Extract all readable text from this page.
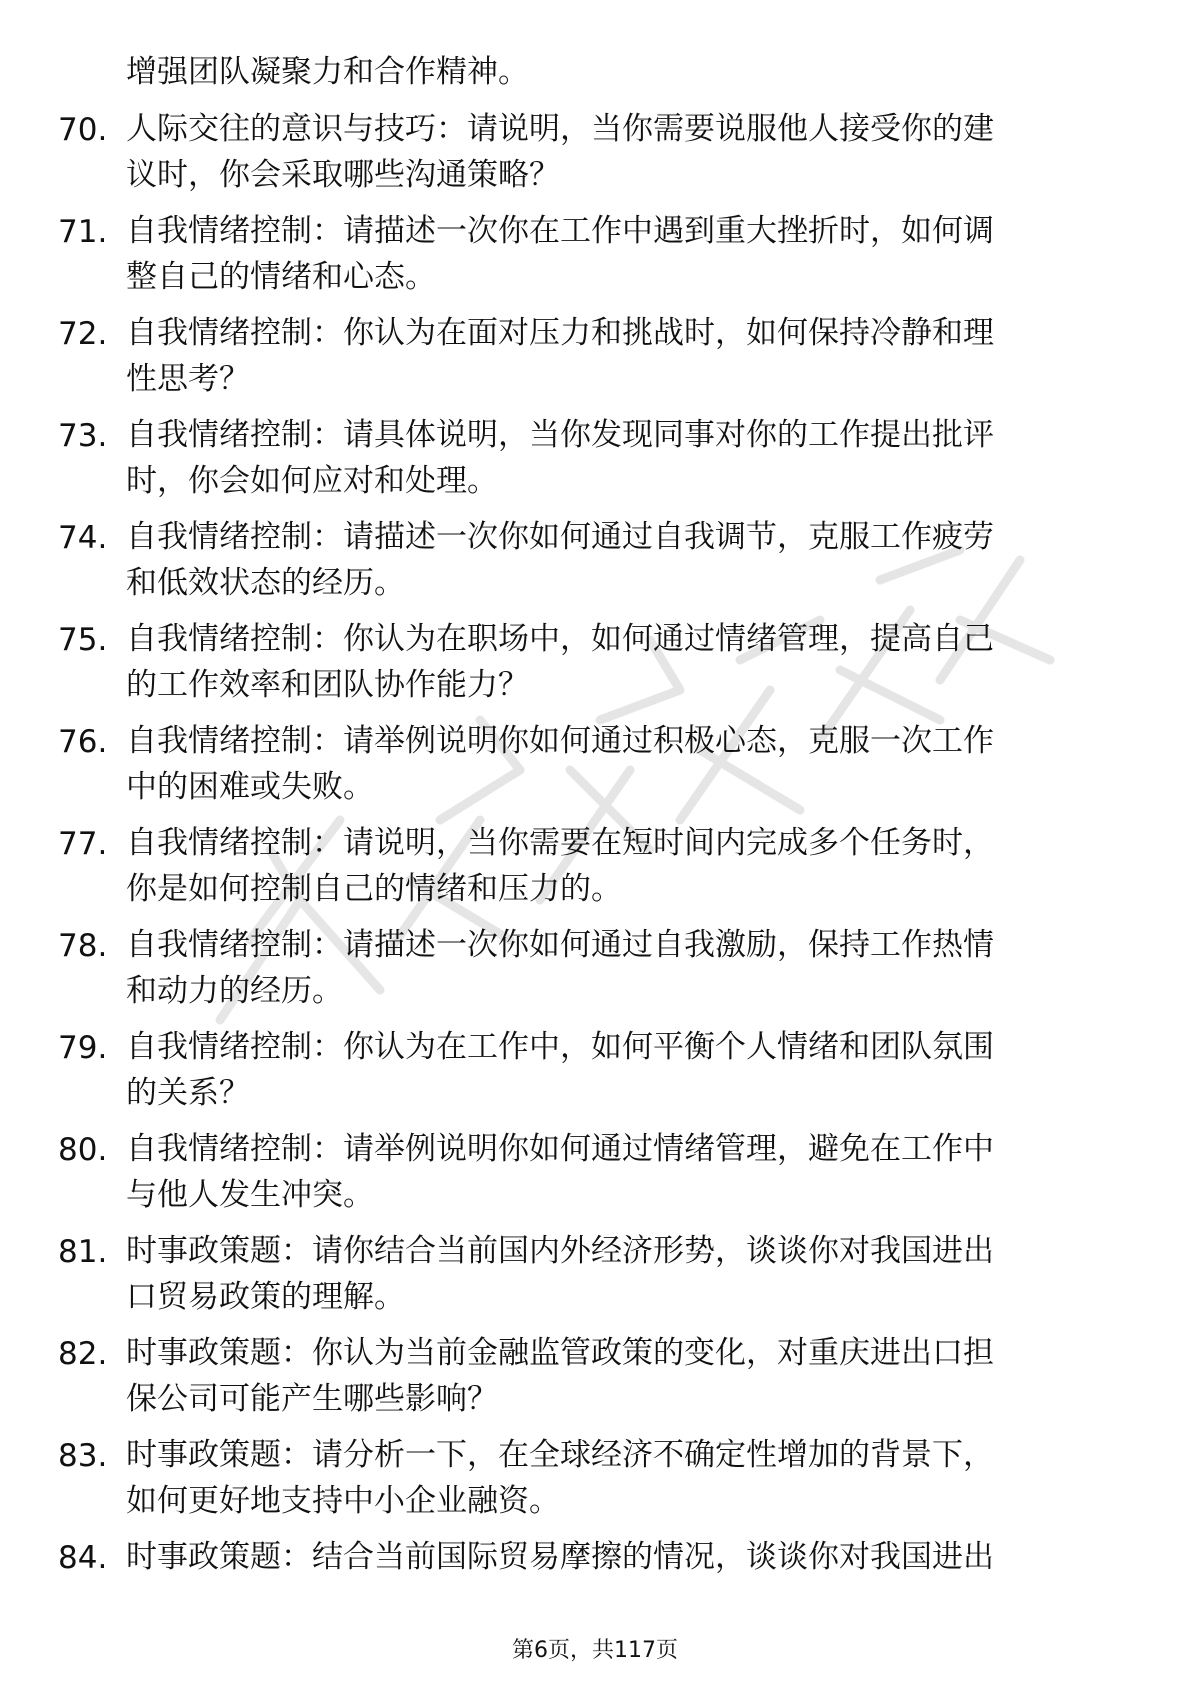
增强团队凝聚力和合作精神。

70. 人际交往的意识与技巧：请说明，当你需要说服他人接受你的建
议时，你会采取哪些沟通策略？
71. 自我情绪控制：请描述一次你在工作中遇到重大挫折时，如何调
整自己的情绪和心态。
72. 自我情绪控制：你认为在面对压力和挑战时，如何保持冷静和理
性思考？
73. 自我情绪控制：请具体说明，当你发现同事对你的工作提出批评
时，你会如何应对和处理。
74. 自我情绪控制：请描述一次你如何通过自我调节，克服工作疲劳
和低效状态的经历。
75. 自我情绪控制：你认为在职场中，如何通过情绪管理，提高自己
的工作效率和团队协作能力？
76. 自我情绪控制：请举例说明你如何通过积极心态，克服一次工作
中的困难或失败。
77. 自我情绪控制：请说明，当你需要在短时间内完成多个任务时，
你是如何控制自己的情绪和压力的。
78. 自我情绪控制：请描述一次你如何通过自我激励，保持工作热情
和动力的经历。
79. 自我情绪控制：你认为在工作中，如何平衡个人情绪和团队氛围
的关系？
80. 自我情绪控制：请举例说明你如何通过情绪管理，避免在工作中
与他人发生冲突。
81. 时事政策题：请你结合当前国内外经济形势，谈谈你对我国进出
口贸易政策的理解。
82. 时事政策题：你认为当前金融监管政策的变化，对重庆进出口担
保公司可能产生哪些影响？
83. 时事政策题：请分析一下，在全球经济不确定性增加的背景下，
如何更好地支持中小企业融资。
84. 时事政策题：结合当前国际贸易摩擦的情况，谈谈你对我国进出
第6页，共117页
